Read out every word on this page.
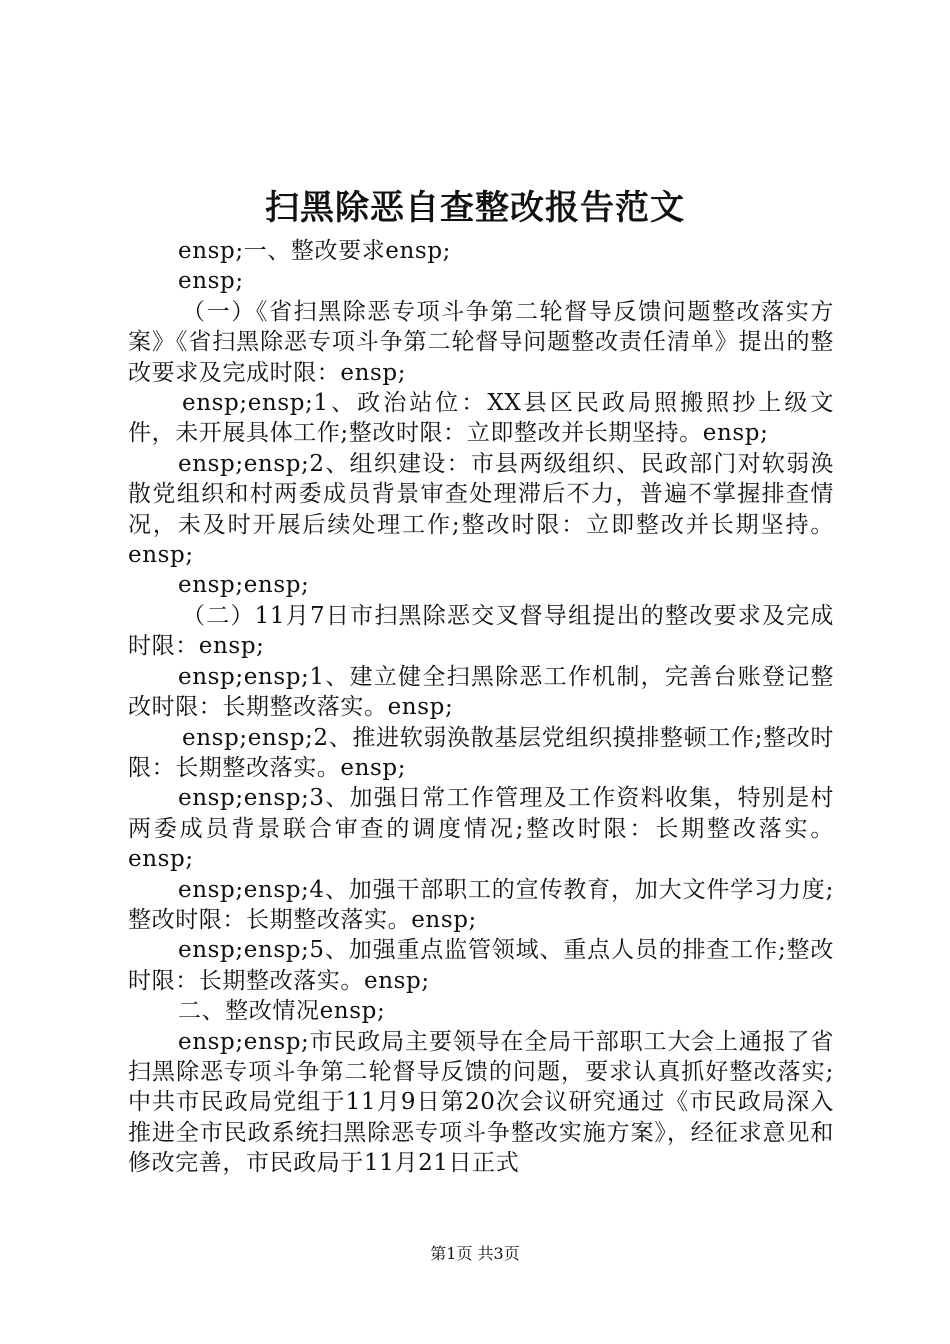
扫黑除恶自查整改报告范文

ensp;一、整改要求ensp;

ensp;

（一）《省扫黑除恶专项斗争第二轮督导反馈问题整改落实方案》《省扫黑除恶专项斗争第二轮督导问题整改责任清单》提出的整改要求及完成时限：ensp;

ensp;ensp;1、政治站位：XX县区民政局照搬照抄上级文件，未开展具体工作;整改时限：立即整改并长期坚持。ensp;

ensp;ensp;2、组织建设：市县两级组织、民政部门对软弱涣散党组织和村两委成员背景审查处理滞后不力，普遍不掌握排查情况，未及时开展后续处理工作;整改时限：立即整改并长期坚持。ensp;

ensp;ensp;

（二）11月7日市扫黑除恶交叉督导组提出的整改要求及完成时限：ensp;

ensp;ensp;1、建立健全扫黑除恶工作机制，完善台账登记整改时限：长期整改落实。ensp;

ensp;ensp;2、推进软弱涣散基层党组织摸排整顿工作;整改时限：长期整改落实。ensp;

ensp;ensp;3、加强日常工作管理及工作资料收集，特别是村两委成员背景联合审查的调度情况;整改时限：长期整改落实。ensp;

ensp;ensp;4、加强干部职工的宣传教育，加大文件学习力度;整改时限：长期整改落实。ensp;

ensp;ensp;5、加强重点监管领域、重点人员的排查工作;整改时限：长期整改落实。ensp;

二、整改情况ensp;

ensp;ensp;市民政局主要领导在全局干部职工大会上通报了省扫黑除恶专项斗争第二轮督导反馈的问题，要求认真抓好整改落实;中共市民政局党组于11月9日第20次会议研究通过《市民政局深入推进全市民政系统扫黑除恶专项斗争整改实施方案》，经征求意见和修改完善，市民政局于11月21日正式

第1页 共3页
